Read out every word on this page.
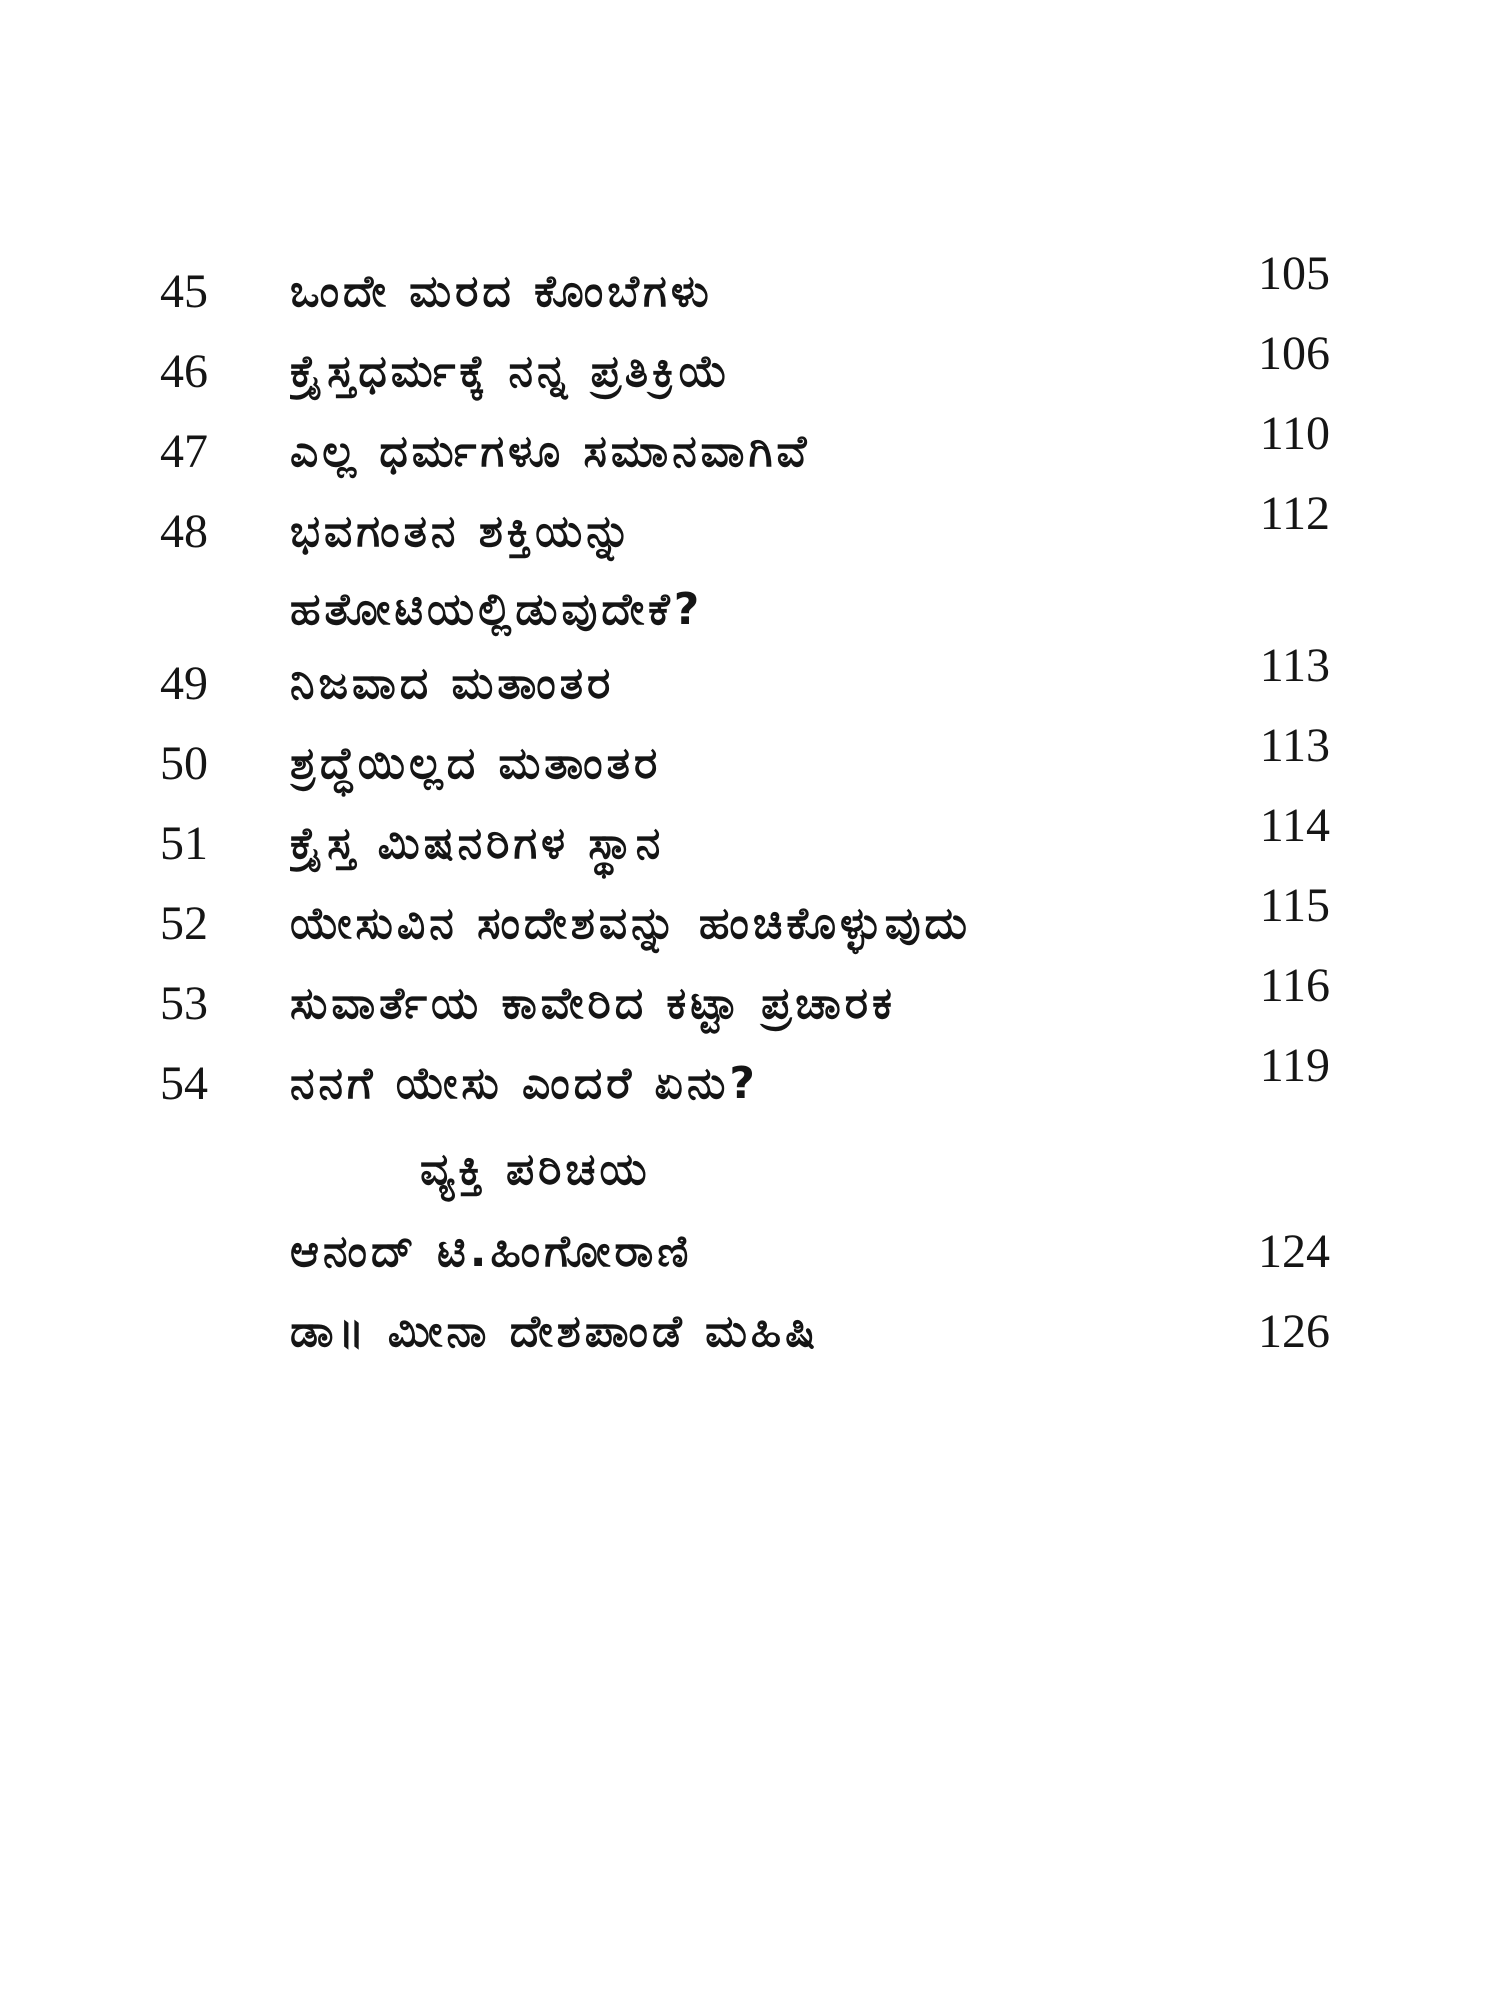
45	ಒಂದೇ ಮರದ ಕೊಂಬೆಗಳು	105
46	ಕ್ರೈಸ್ತಧರ್ಮಕ್ಕೆ ನನ್ನ ಪ್ರತಿಕ್ರಿಯೆ	106
47	ಎಲ್ಲ ಧರ್ಮಗಳೂ ಸಮಾನವಾಗಿವೆ	110
48	ಭವಗಂತನ ಶಕ್ತಿಯನ್ನು
ಹತೋಟಿಯಲ್ಲಿಡುವುದೇಕೆ?
112
49	ನಿಜವಾದ ಮತಾಂತರ	113
50	ಶ್ರದ್ಧೆಯಿಲ್ಲದ ಮತಾಂತರ	113
51	ಕ್ರೈಸ್ತ ಮಿಷನರಿಗಳ ಸ್ಥಾನ	114
52	ಯೇಸುವಿನ ಸಂದೇಶವನ್ನು ಹಂಚಿಕೊಳ್ಳುವುದು	115
53	ಸುವಾರ್ತೆಯ ಕಾವೇರಿದ ಕಟ್ಟಾ ಪ್ರಚಾರಕ	116
54	ನನಗೆ ಯೇಸು ಎಂದರೆ ಏನು?	119
ವ್ಯಕ್ತಿ ಪರಿಚಯ
ಆನಂದ್ ಟಿ.ಹಿಂಗೋರಾಣಿ	124
ಡಾ॥ ಮೀನಾ ದೇಶಪಾಂಡೆ ಮಹಿಷಿ	126
